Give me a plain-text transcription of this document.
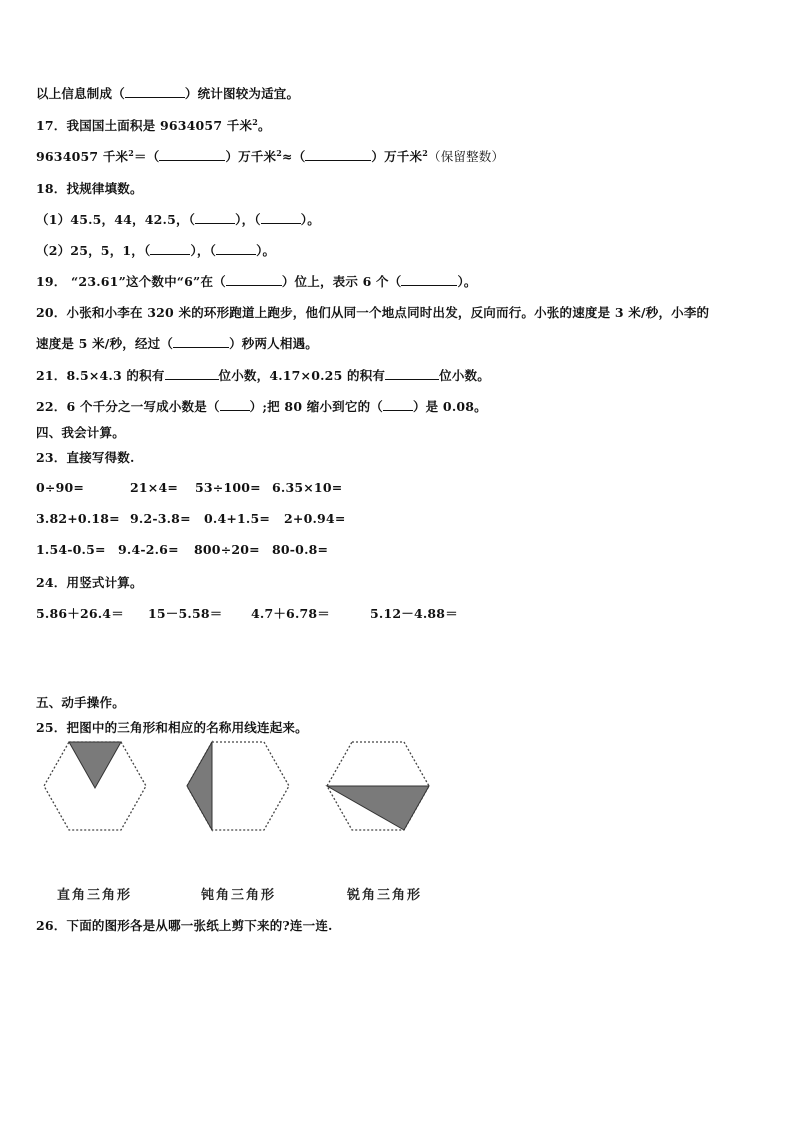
以上信息制成（	）统计图较为适宜。
17．我国国土面积是 9634057 千米$^2$。
9634057 千米$^2$＝（	）万千米$^2$≈（	）万千米$^2$（保留整数）
18．找规律填数。
（1）45.5，44，42.5，（	），（	）。
（2）25，5，1，（	），（	）。
19． “23.61”这个数中“6”在（	）位上，表示 6 个（	）。
20．小张和小李在 320 米的环形跑道上跑步，他们从同一个地点同时出发，反向而行。小张的速度是 3 米/秒，小李的
速度是 5 米/秒，经过（	）秒两人相遇。
21．8.5×4.3 的积有	位小数，4.17×0.25 的积有	位小数。
22．6 个千分之一写成小数是（ ）;把 80 缩小到它的（ ）是 0.08。
四、我会计算。
23．直接写得数.
0÷90=	21×4= 53÷100= 6.35×10=
3.82+0.18= 9.2-3.8= 0.4+1.5= 2+0.94=
1.54-0.5= 9.4-2.6= 800÷20= 80-0.8=
24．用竖式计算。
5.86＋26.4＝ 15－5.58＝ 4.7＋6.78＝	5.12－4.88＝
五、动手操作。
25．把图中的三角形和相应的名称用线连起来。
直角三角形	钝角三角形	锐角三角形
26．下面的图形各是从哪一张纸上剪下来的?连一连.
